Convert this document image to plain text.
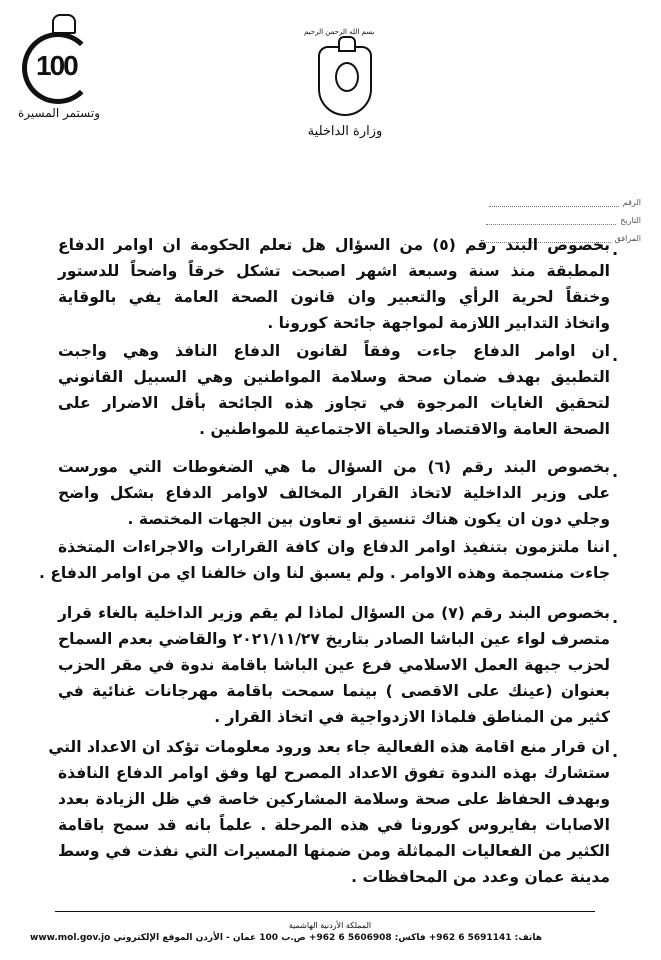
100
وتستمر المسيرة
بسم الله الرحمن الرحيم
وزارة الداخلية
الرقم
التاريخ
المرافق
.
بخصوص البند رقم (٥) من السؤال هل تعلم الحكومة ان اوامر الدفاع
المطبقة منذ سنة وسبعة اشهر اصبحت تشكل خرقاً واضحاً للدستور
وخنقاً لحرية الرأي والتعبير وان قانون الصحة العامة يفي بالوقاية
واتخاذ التدابير اللازمة لمواجهة جائحة كورونا .
.
ان اوامر الدفاع جاءت وفقاً لقانون الدفاع النافذ وهي واجبت
التطبيق بهدف ضمان صحة وسلامة المواطنين وهي السبيل القانوني
لتحقيق الغايات المرجوة في تجاوز هذه الجائحة بأقل الاضرار على
الصحة العامة والاقتصاد والحياة الاجتماعية للمواطنين .
.
بخصوص البند رقم (٦) من السؤال ما هي الضغوطات التي مورست
على وزير الداخلية لاتخاذ القرار المخالف لاوامر الدفاع بشكل واضح
وجلي دون ان يكون هناك تنسيق او تعاون بين الجهات المختصة .
.
اننا ملتزمون بتنفيذ اوامر الدفاع وان كافة القرارات والاجراءات المتخذة
جاءت منسجمة وهذه الاوامر . ولم يسبق لنا وان خالفنا اي من اوامر الدفاع .
.
بخصوص البند رقم (٧) من السؤال لماذا لم يقم وزير الداخلية بالغاء قرار
متصرف لواء عين الباشا الصادر بتاريخ ٢٠٢١/١١/٢٧ والقاضي بعدم السماح
لحزب جبهة العمل الاسلامي فرع عين الباشا باقامة ندوة في مقر الحزب
بعنوان (عينك على الاقصى ) بينما سمحت باقامة مهرجانات غنائية في
كثير من المناطق فلماذا الازدواجية في اتخاذ القرار .
.
ان قرار منع اقامة هذه الفعالية جاء بعد ورود معلومات تؤكد ان الاعداد التي
ستشارك بهذه الندوة تفوق الاعداد المصرح لها وفق اوامر الدفاع النافذة
وبهدف الحفاظ على صحة وسلامة المشاركين خاصة في ظل الزيادة بعدد
الاصابات بفايروس كورونا في هذه المرحلة . علماً بانه قد سمح باقامة
الكثير من الفعاليات المماثلة ومن ضمنها المسيرات التي نفذت في وسط
مدينة عمان وعدد من المحافظات .
المملكة الأردنية الهاشمية
هاتف: 5691141 6 962+ فاكس: 5606908 6 962+ ص.ب 100 عمان - الأردن الموقع الإلكتروني www.mol.gov.jo
